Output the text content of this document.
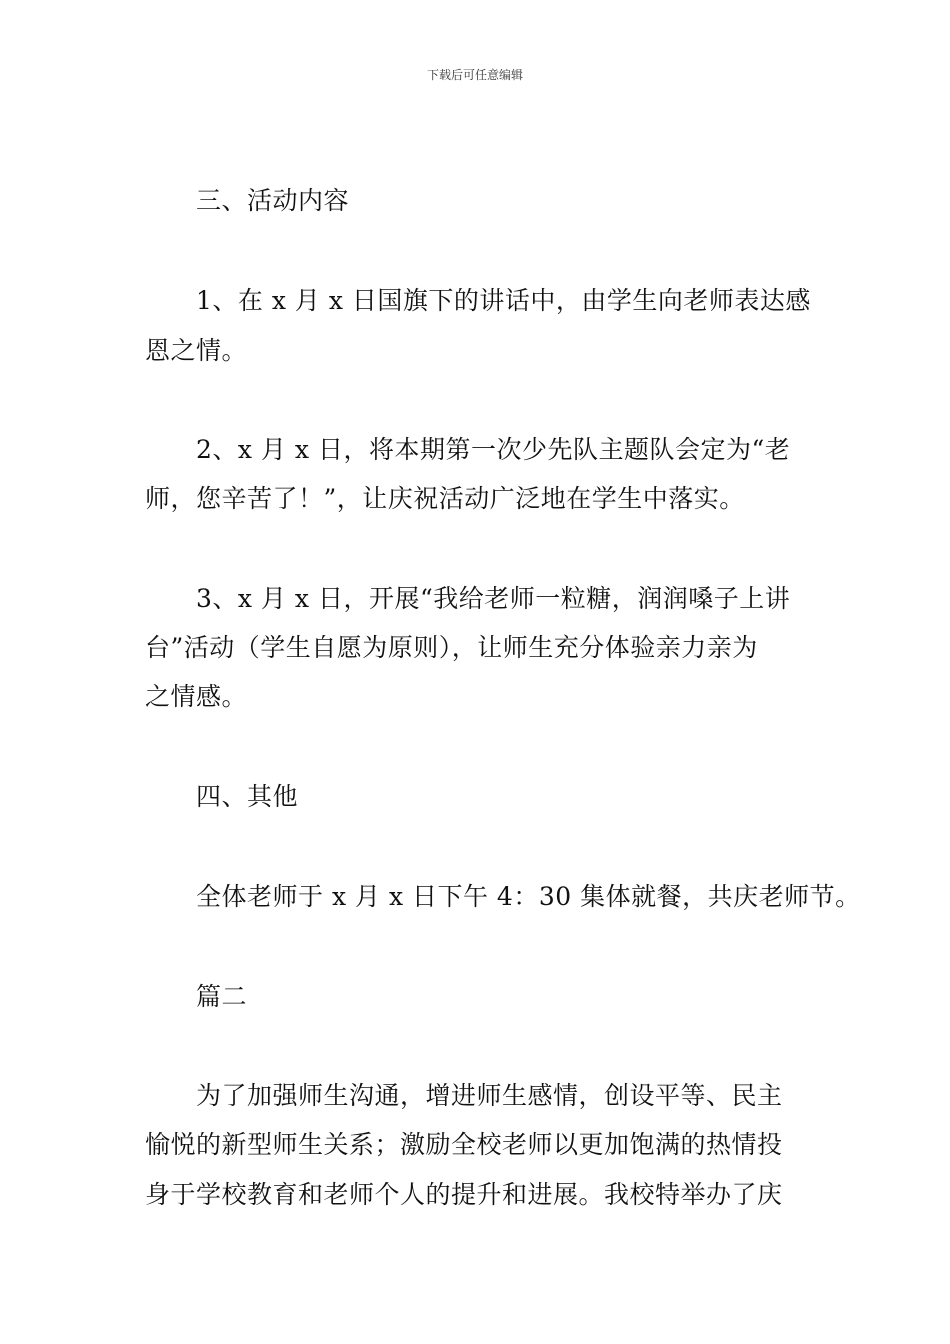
下载后可任意编辑
三、活动内容
1、在 x 月 x 日国旗下的讲话中，由学生向老师表达感
恩之情。
2、x 月 x 日，将本期第一次少先队主题队会定为“老
师，您辛苦了！”，让庆祝活动广泛地在学生中落实。
3、x 月 x 日，开展“我给老师一粒糖，润润嗓子上讲
台”活动（学生自愿为原则），让师生充分体验亲力亲为
之情感。
四、其他
全体老师于 x 月 x 日下午 4：30 集体就餐，共庆老师节。
篇二
为了加强师生沟通，增进师生感情，创设平等、民主
愉悦的新型师生关系；激励全校老师以更加饱满的热情投
身于学校教育和老师个人的提升和进展。我校特举办了庆
